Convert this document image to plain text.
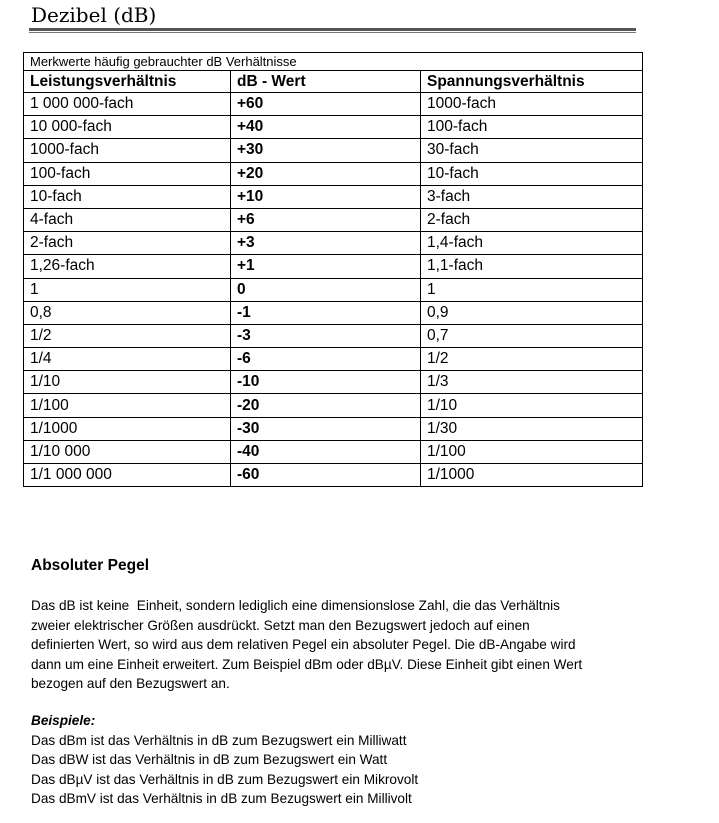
Dezibel (dB)
Merkwerte häufig gebrauchter dB Verhältnisse		
Leistungsverhältnis	dB - Wert	Spannungsverhältnis
1 000 000-fach	+60	1000-fach
10 000-fach	+40	100-fach
1000-fach	+30	30-fach
100-fach	+20	10-fach
10-fach	+10	3-fach
4-fach	+6	2-fach
2-fach	+3	1,4-fach
1,26-fach	+1	1,1-fach
1	0	1
0,8	-1	0,9
1/2	-3	0,7
1/4	-6	1/2
1/10	-10	1/3
1/100	-20	1/10
1/1000	-30	1/30
1/10 000	-40	1/100
1/1 000 000	-60	1/1000
Absoluter Pegel

Das dB ist keine  Einheit, sondern lediglich eine dimensionslose Zahl, die das Verhältnis
zweier elektrischer Größen ausdrückt. Setzt man den Bezugswert jedoch auf einen
definierten Wert, so wird aus dem relativen Pegel ein absoluter Pegel. Die dB-Angabe wird
dann um eine Einheit erweitert. Zum Beispiel dBm oder dBµV. Diese Einheit gibt einen Wert
bezogen auf den Bezugswert an.

Beispiele:

Das dBm ist das Verhältnis in dB zum Bezugswert ein Milliwatt
Das dBW ist das Verhältnis in dB zum Bezugswert ein Watt
Das dBµV ist das Verhältnis in dB zum Bezugswert ein Mikrovolt
Das dBmV ist das Verhältnis in dB zum Bezugswert ein Millivolt
